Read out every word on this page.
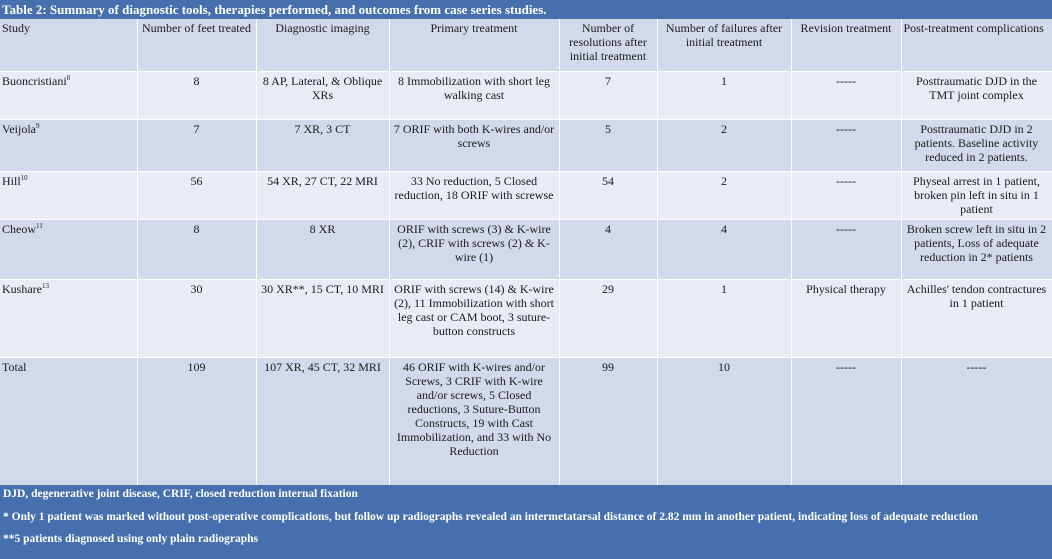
Table 2: Summary of diagnostic tools, therapies performed, and outcomes from case series studies.
Study	Number of feet treated	Diagnostic imaging	Primary treatment	Number of resolutions after initial treatment	Number of failures after initial treatment	Revision treatment	Post-treatment complications
Buoncristiani$^8$	8	8 AP, Lateral, & Oblique XRs	8 Immobilization with short leg walking cast	7	1	-----	Posttraumatic DJD in the TMT joint complex
Veijola$^9$	7	7 XR, 3 CT	7 ORIF with both K-wires and/or screws	5	2	-----	Posttraumatic DJD in 2 patients. Baseline activity reduced in 2 patients.
Hill$^{10}$	56	54 XR, 27 CT, 22 MRI	33 No reduction, 5 Closed reduction, 18 ORIF with screwse	54	2	-----	Physeal arrest in 1 patient, broken pin left in situ in 1 patient
Cheow$^{11}$	8	8 XR	ORIF with screws (3) & K-wire (2), CRIF with screws (2) & K-wire (1)	4	4	-----	Broken screw left in situ in 2 patients, Loss of adequate reduction in 2* patients
Kushare$^{13}$	30	30 XR**, 15 CT, 10 MRI	ORIF with screws (14) & K-wire (2), 11 Immobilization with short leg cast or CAM boot, 3 suture-button constructs	29	1	Physical therapy	Achilles' tendon contractures in 1 patient
Total	109	107 XR, 45 CT, 32 MRI	46 ORIF with K-wires and/or Screws, 3 CRIF with K-wire and/or screws, 5 Closed reductions, 3 Suture-Button Constructs, 19 with Cast Immobilization, and 33 with No Reduction	99	10	-----	-----
DJD, degenerative joint disease, CRIF, closed reduction internal fixation
* Only 1 patient was marked without post-operative complications, but follow up radiographs revealed an intermetatarsal distance of 2.82 mm in another patient, indicating loss of adequate reduction
**5 patients diagnosed using only plain radiographs
